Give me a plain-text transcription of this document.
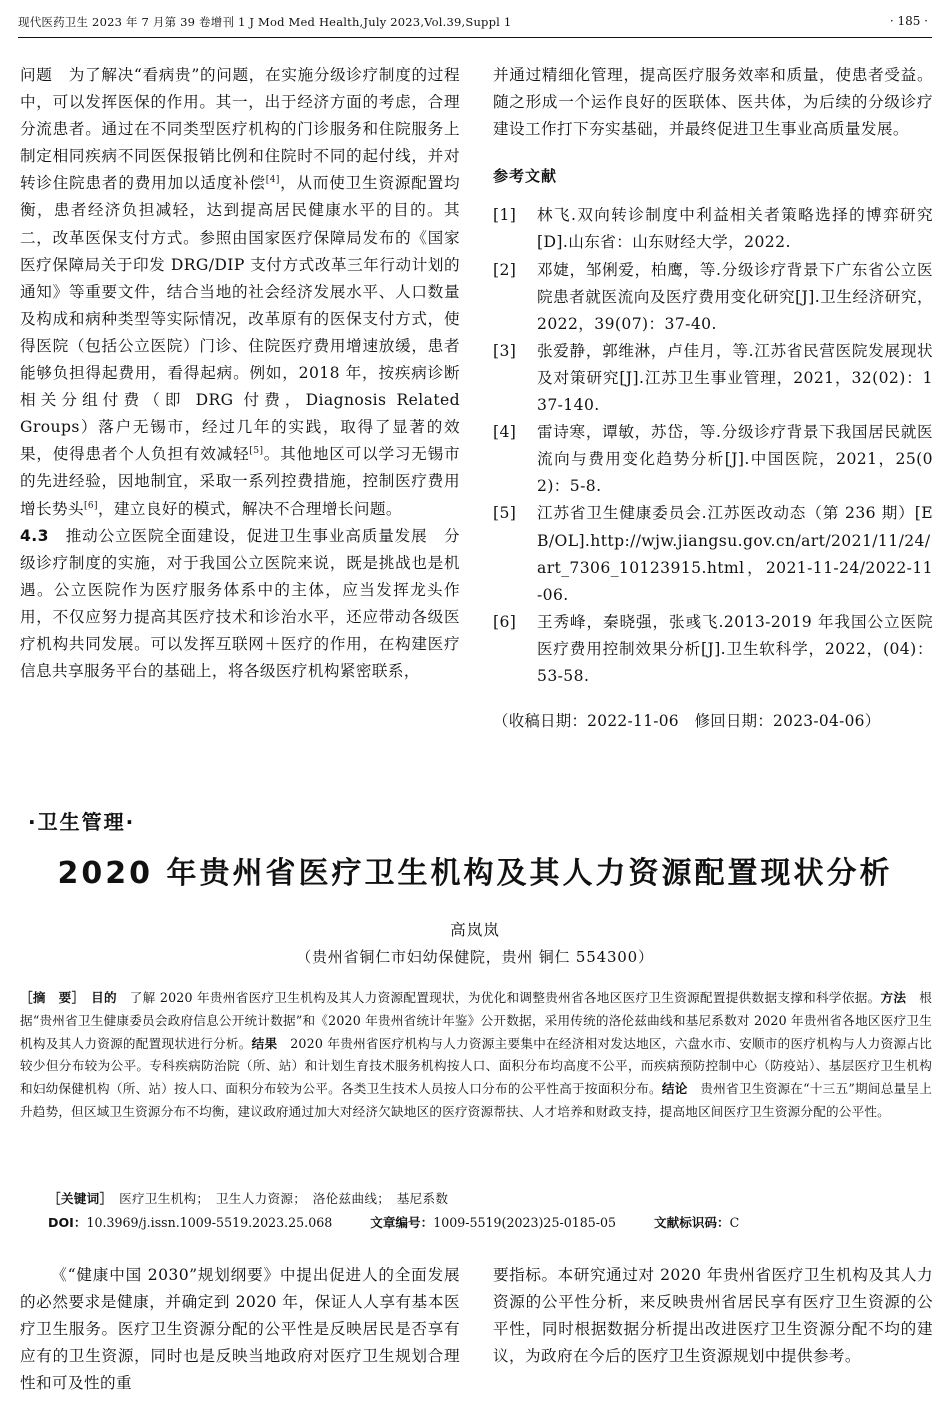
现代医药卫生 2023 年 7 月第 39 卷增刊 1 J Mod Med Health,July 2023,Vol.39,Suppl 1	· 185 ·

问题　为了解决“看病贵”的问题，在实施分级诊疗制度的过程中，可以发挥医保的作用。其一，出于经济方面的考虑，合理分流患者。通过在不同类型医疗机构的门诊服务和住院服务上制定相同疾病不同医保报销比例和住院时不同的起付线，并对转诊住院患者的费用加以适度补偿[4]，从而使卫生资源配置均衡，患者经济负担减轻，达到提高居民健康水平的目的。其二，改革医保支付方式。参照由国家医疗保障局发布的《国家医疗保障局关于印发 DRG/DIP 支付方式改革三年行动计划的通知》等重要文件，结合当地的社会经济发展水平、人口数量及构成和病种类型等实际情况，改革原有的医保支付方式，使得医院（包括公立医院）门诊、住院医疗费用增速放缓，患者能够负担得起费用，看得起病。例如，2018 年，按疾病诊断相关分组付费（即 DRG 付费，Diagnosis Related Groups）落户无锡市，经过几年的实践，取得了显著的效果，使得患者个人负担有效减轻[5]。其他地区可以学习无锡市的先进经验，因地制宜，采取一系列控费措施，控制医疗费用增长势头[6]，建立良好的模式，解决不合理增长问题。

4.3　推动公立医院全面建设，促进卫生事业高质量发展　分级诊疗制度的实施，对于我国公立医院来说，既是挑战也是机遇。公立医院作为医疗服务体系中的主体，应当发挥龙头作用，不仅应努力提高其医疗技术和诊治水平，还应带动各级医疗机构共同发展。可以发挥互联网＋医疗的作用，在构建医疗信息共享服务平台的基础上，将各级医疗机构紧密联系，

并通过精细化管理，提高医疗服务效率和质量，使患者受益。随之形成一个运作良好的医联体、医共体，为后续的分级诊疗建设工作打下夯实基础，并最终促进卫生事业高质量发展。

参考文献
[1]	林飞.双向转诊制度中利益相关者策略选择的博弈研究[D].山东省：山东财经大学，2022.
[2]	邓婕，邹俐爱，柏鹰，等.分级诊疗背景下广东省公立医院患者就医流向及医疗费用变化研究[J].卫生经济研究，2022，39(07)：37-40.
[3]	张爱静，郭维淋，卢佳月，等.江苏省民营医院发展现状及对策研究[J].江苏卫生事业管理，2021，32(02)：137-140.
[4]	雷诗寒，谭敏，苏岱，等.分级诊疗背景下我国居民就医流向与费用变化趋势分析[J].中国医院，2021，25(02)：5-8.
[5]	江苏省卫生健康委员会.江苏医改动态（第 236 期）[EB/OL].http://wjw.jiangsu.gov.cn/art/2021/11/24/art_7306_10123915.html，2021-11-24/2022-11-06.
[6]	王秀峰，秦晓强，张彧飞.2013-2019 年我国公立医院医疗费用控制效果分析[J].卫生软科学，2022，(04)：53-58.
（收稿日期：2022-11-06　修回日期：2023-04-06）
·卫生管理·
2020 年贵州省医疗卫生机构及其人力资源配置现状分析
高岚岚
（贵州省铜仁市妇幼保健院，贵州 铜仁 554300）
［摘　要］　 目的　了解 2020 年贵州省医疗卫生机构及其人力资源配置现状，为优化和调整贵州省各地区医疗卫生资源配置提供数据支撑和科学依据。方法　根据“贵州省卫生健康委员会政府信息公开统计数据”和《2020 年贵州省统计年鉴》公开数据，采用传统的洛伦兹曲线和基尼系数对 2020 年贵州省各地区医疗卫生机构及其人力资源的配置现状进行分析。结果　2020 年贵州省医疗机构与人力资源主要集中在经济相对发达地区，六盘水市、安顺市的医疗机构与人力资源占比较少但分布较为公平。专科疾病防治院（所、站）和计划生育技术服务机构按人口、面积分布均高度不公平，而疾病预防控制中心（防疫站）、基层医疗卫生机构和妇幼保健机构（所、站）按人口、面积分布较为公平。各类卫生技术人员按人口分布的公平性高于按面积分布。结论　贵州省卫生资源在“十三五”期间总量呈上升趋势，但区域卫生资源分布不均衡，建议政府通过加大对经济欠缺地区的医疗资源帮扶、人才培养和财政支持，提高地区间医疗卫生资源分配的公平性。
［关键词］　医疗卫生机构；　卫生人力资源；　洛伦兹曲线；　基尼系数
DOI：10.3969/j.issn.1009-5519.2023.25.068	文章编号：1009-5519(2023)25-0185-05	文献标识码：C

《“健康中国 2030”规划纲要》中提出促进人的全面发展的必然要求是健康，并确定到 2020 年，保证人人享有基本医疗卫生服务。医疗卫生资源分配的公平性是反映居民是否享有应有的卫生资源，同时也是反映当地政府对医疗卫生规划合理性和可及性的重

要指标。本研究通过对 2020 年贵州省医疗卫生机构及其人力资源的公平性分析，来反映贵州省居民享有医疗卫生资源的公平性，同时根据数据分析提出改进医疗卫生资源分配不均的建议，为政府在今后的医疗卫生资源规划中提供参考。
